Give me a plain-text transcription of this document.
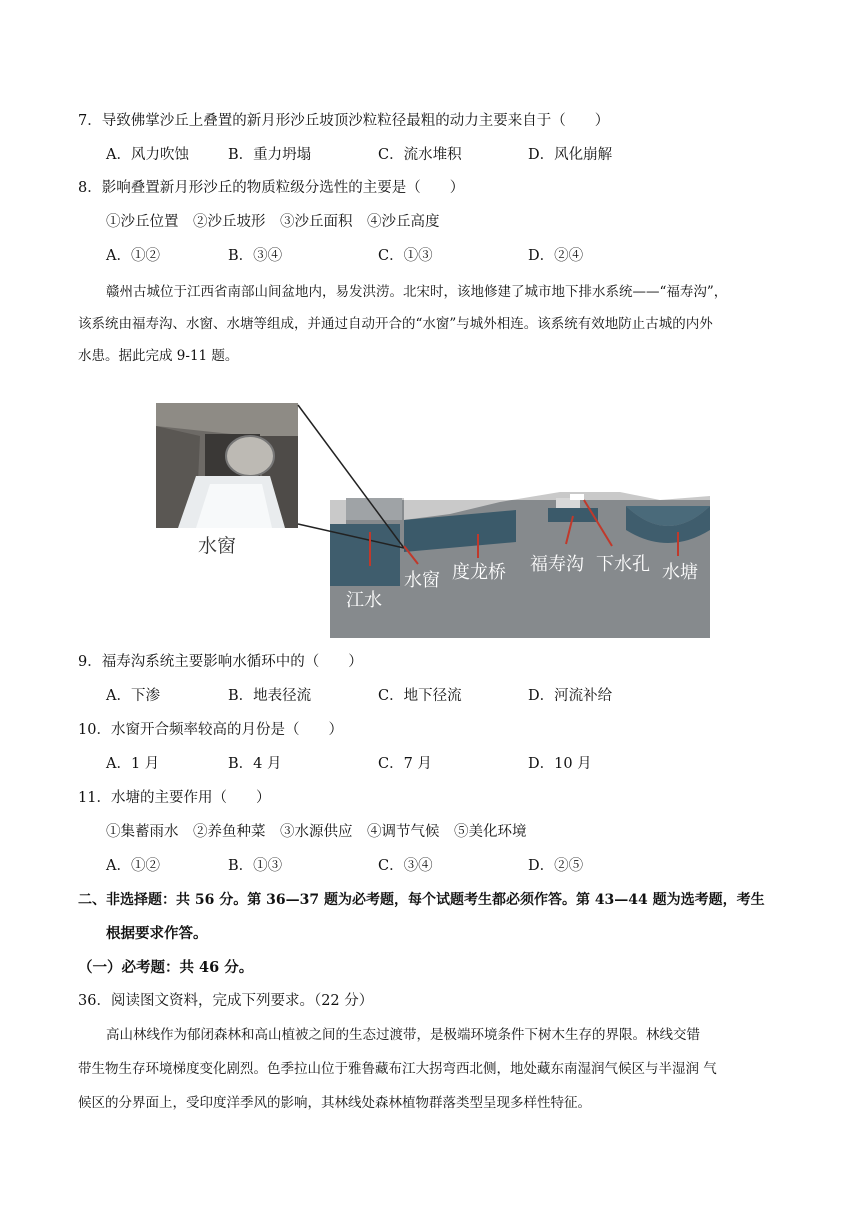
7．导致佛掌沙丘上叠置的新月形沙丘坡顶沙粒粒径最粗的动力主要来自于（　　）
A．风力吹蚀	B．重力坍塌	C．流水堆积	D．风化崩解
8．影响叠置新月形沙丘的物质粒级分选性的主要是（　　）
①沙丘位置　②沙丘坡形　③沙丘面积　④沙丘高度
A．①②	B．③④	C．①③	D．②④
赣州古城位于江西省南部山间盆地内，易发洪涝。北宋时，该地修建了城市地下排水系统——“福寿沟”，
该系统由福寿沟、水窗、水塘等组成，并通过自动开合的“水窗”与城外相连。该系统有效地防止古城的内外
水患。据此完成 9-11 题。
水窗
江水
水窗 度龙桥 福寿沟 下水孔 水塘
9．福寿沟系统主要影响水循环中的（　　）
A．下渗	B．地表径流	C．地下径流	D．河流补给
10．水窗开合频率较高的月份是（　　）
A．1 月	B．4 月	C．7 月	D．10 月
11．水塘的主要作用（　　）
①集蓄雨水　②养鱼种菜　③水源供应　④调节气候　⑤美化环境
A．①②	B．①③	C．③④	D．②⑤
二、非选择题：共 56 分。第 36—37 题为必考题，每个试题考生都必须作答。第 43—44 题为选考题，考生
根据要求作答。
（一）必考题：共 46 分。
36．阅读图文资料，完成下列要求。（22 分）
高山林线作为郁闭森林和高山植被之间的生态过渡带，是极端环境条件下树木生存的界限。林线交错
带生物生存环境梯度变化剧烈。色季拉山位于雅鲁藏布江大拐弯西北侧，地处藏东南湿润气候区与半湿润 气
候区的分界面上，受印度洋季风的影响，其林线处森林植物群落类型呈现多样性特征。
